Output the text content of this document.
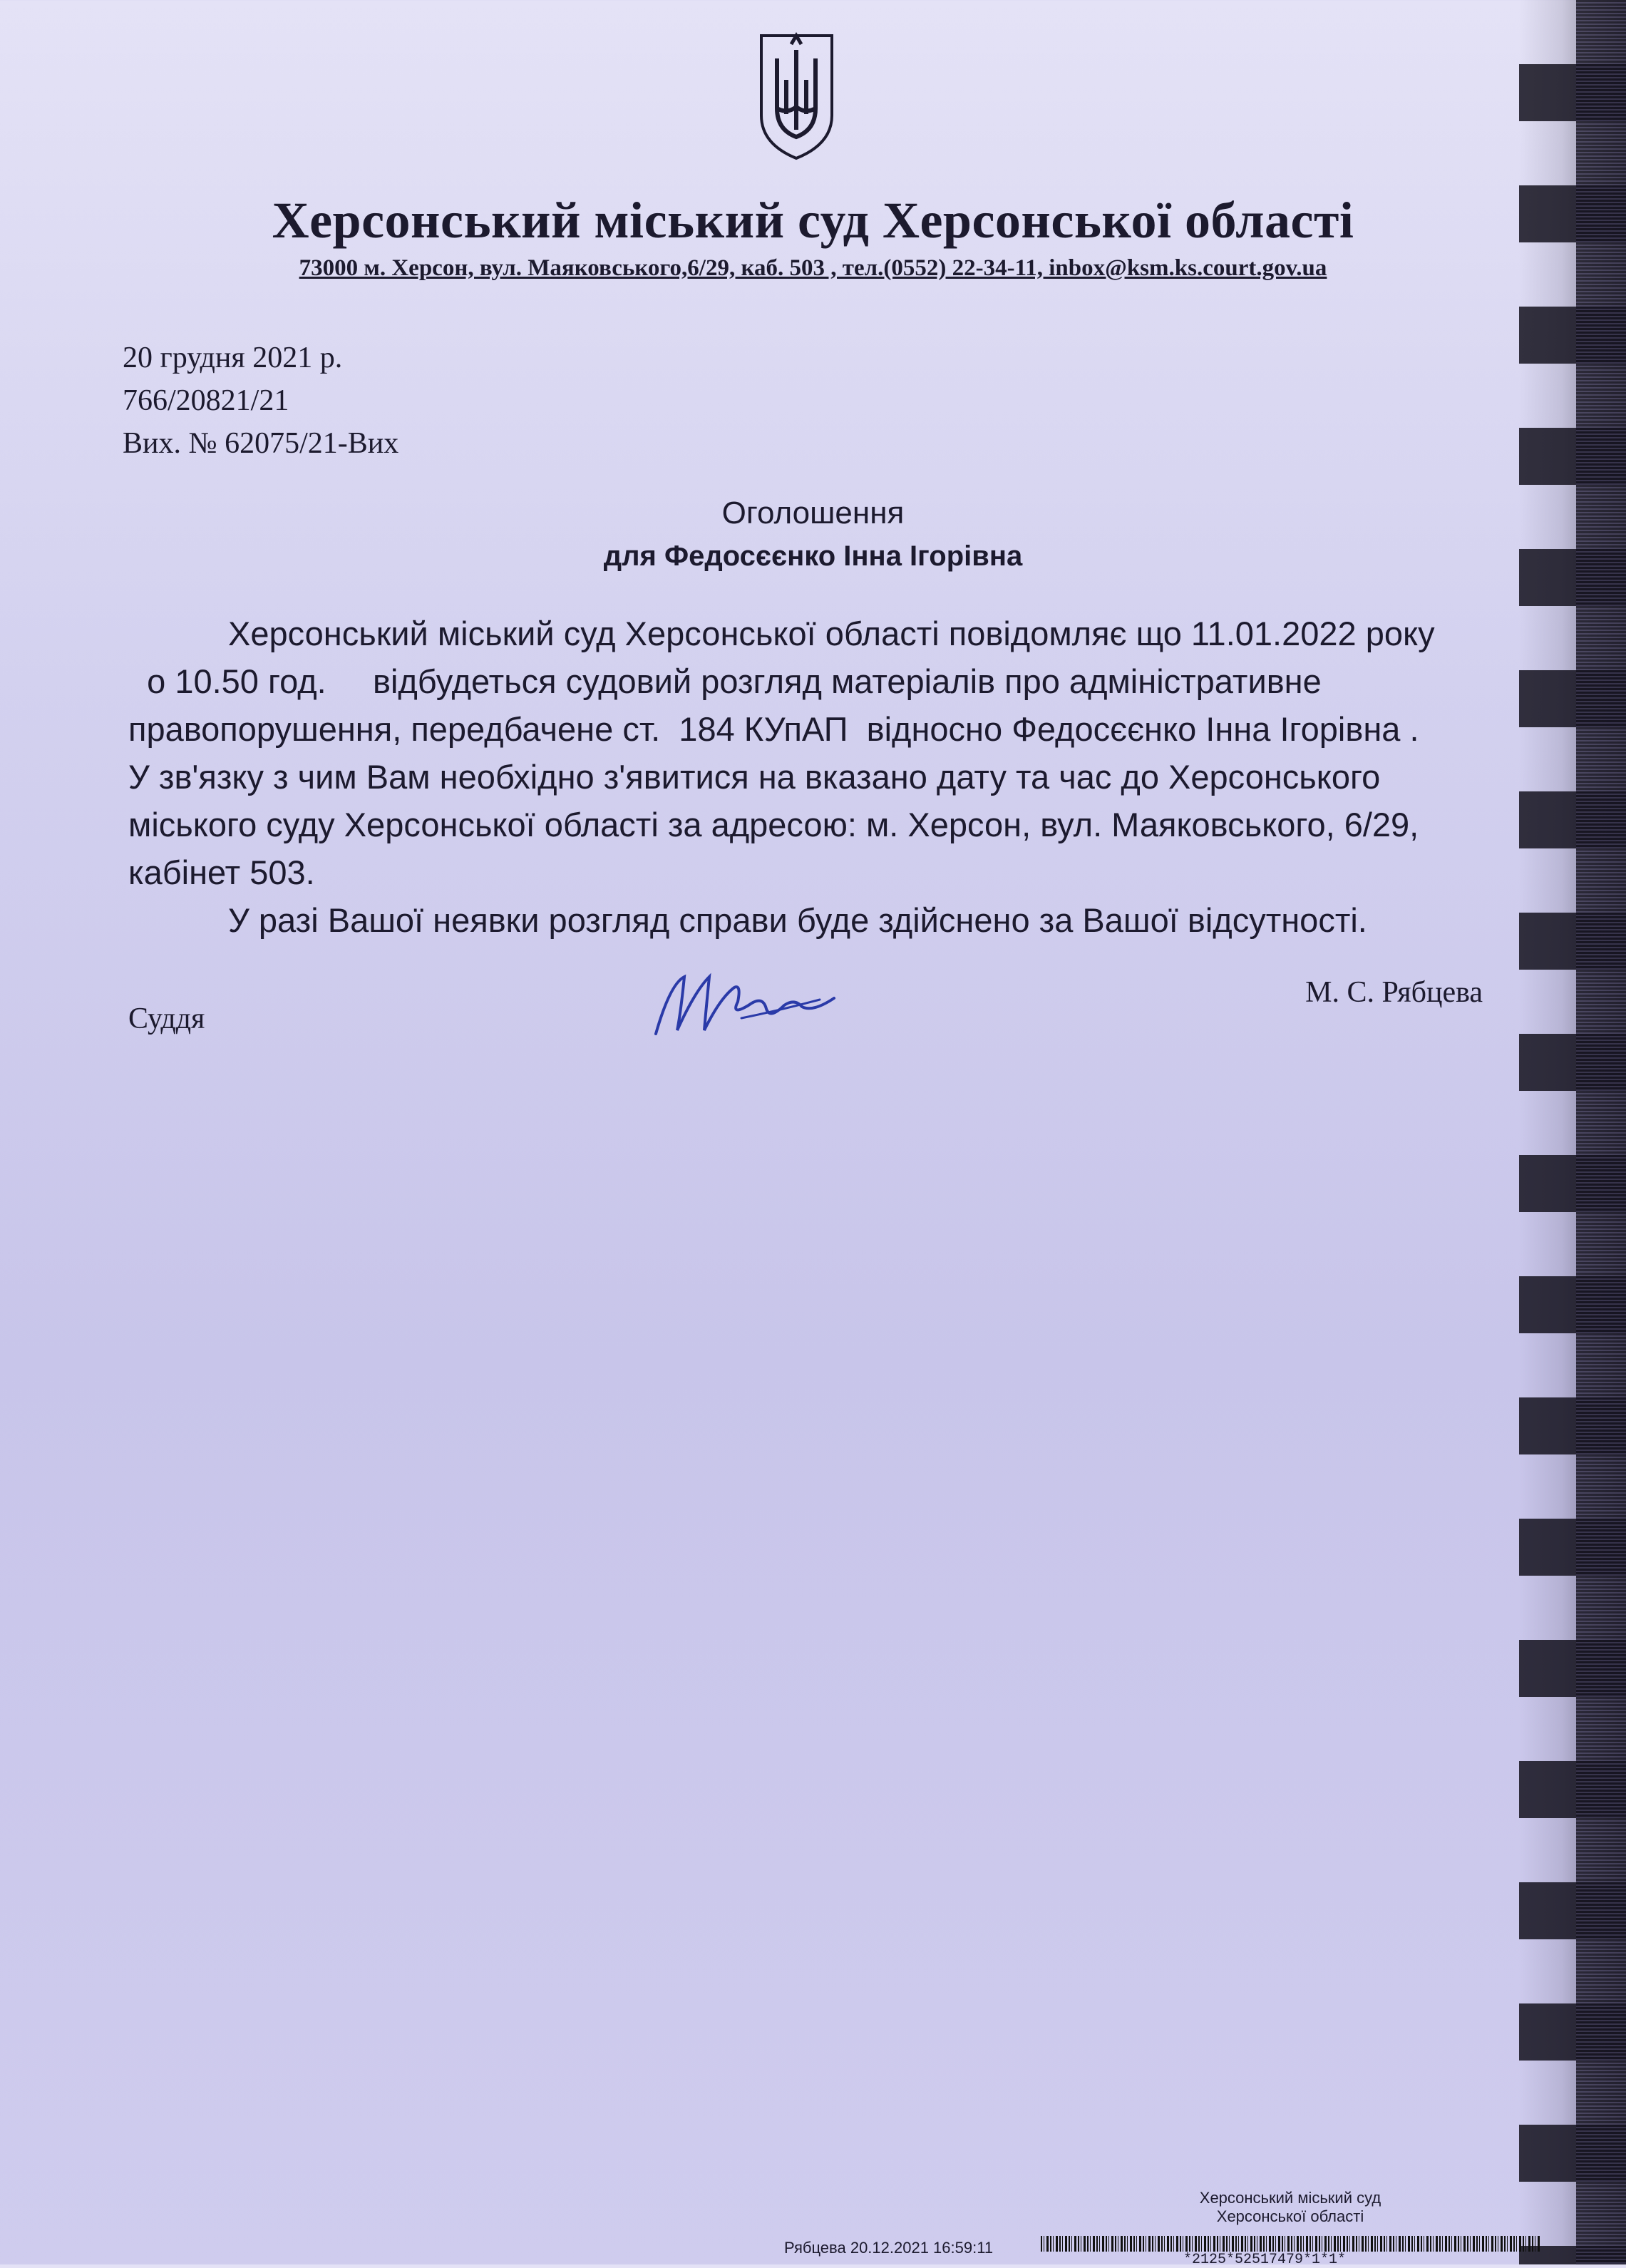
Херсонський міський суд Херсонської області
73000 м. Херсон, вул. Маяковського,6/29, каб. 503 , тел.(0552) 22-34-11, inbox@ksm.ks.court.gov.ua
20 грудня 2021 р.
766/20821/21
Вих. № 62075/21-Вих
Оголошення
для Федосєєнко Інна Ігорівна
Херсонський міський суд Херсонської області повідомляє що 11.01.2022 року
о 10.50 год.     відбудеться судовий розгляд матеріалів про адміністративне
правопорушення, передбачене ст.  184 КУпАП  відносно Федосєєнко Інна Ігорівна .
У зв'язку з чим Вам необхідно з'явитися на вказано дату та час до Херсонського
міського суду Херсонської області за адресою: м. Херсон, вул. Маяковського, 6/29,
кабінет 503.
У разі Вашої неявки розгляд справи буде здійснено за Вашої відсутності.
Суддя
М. С. Рябцева
Херсонський міський суд
Херсонської області
Рябцева 20.12.2021 16:59:11
*2125*52517479*1*1*
